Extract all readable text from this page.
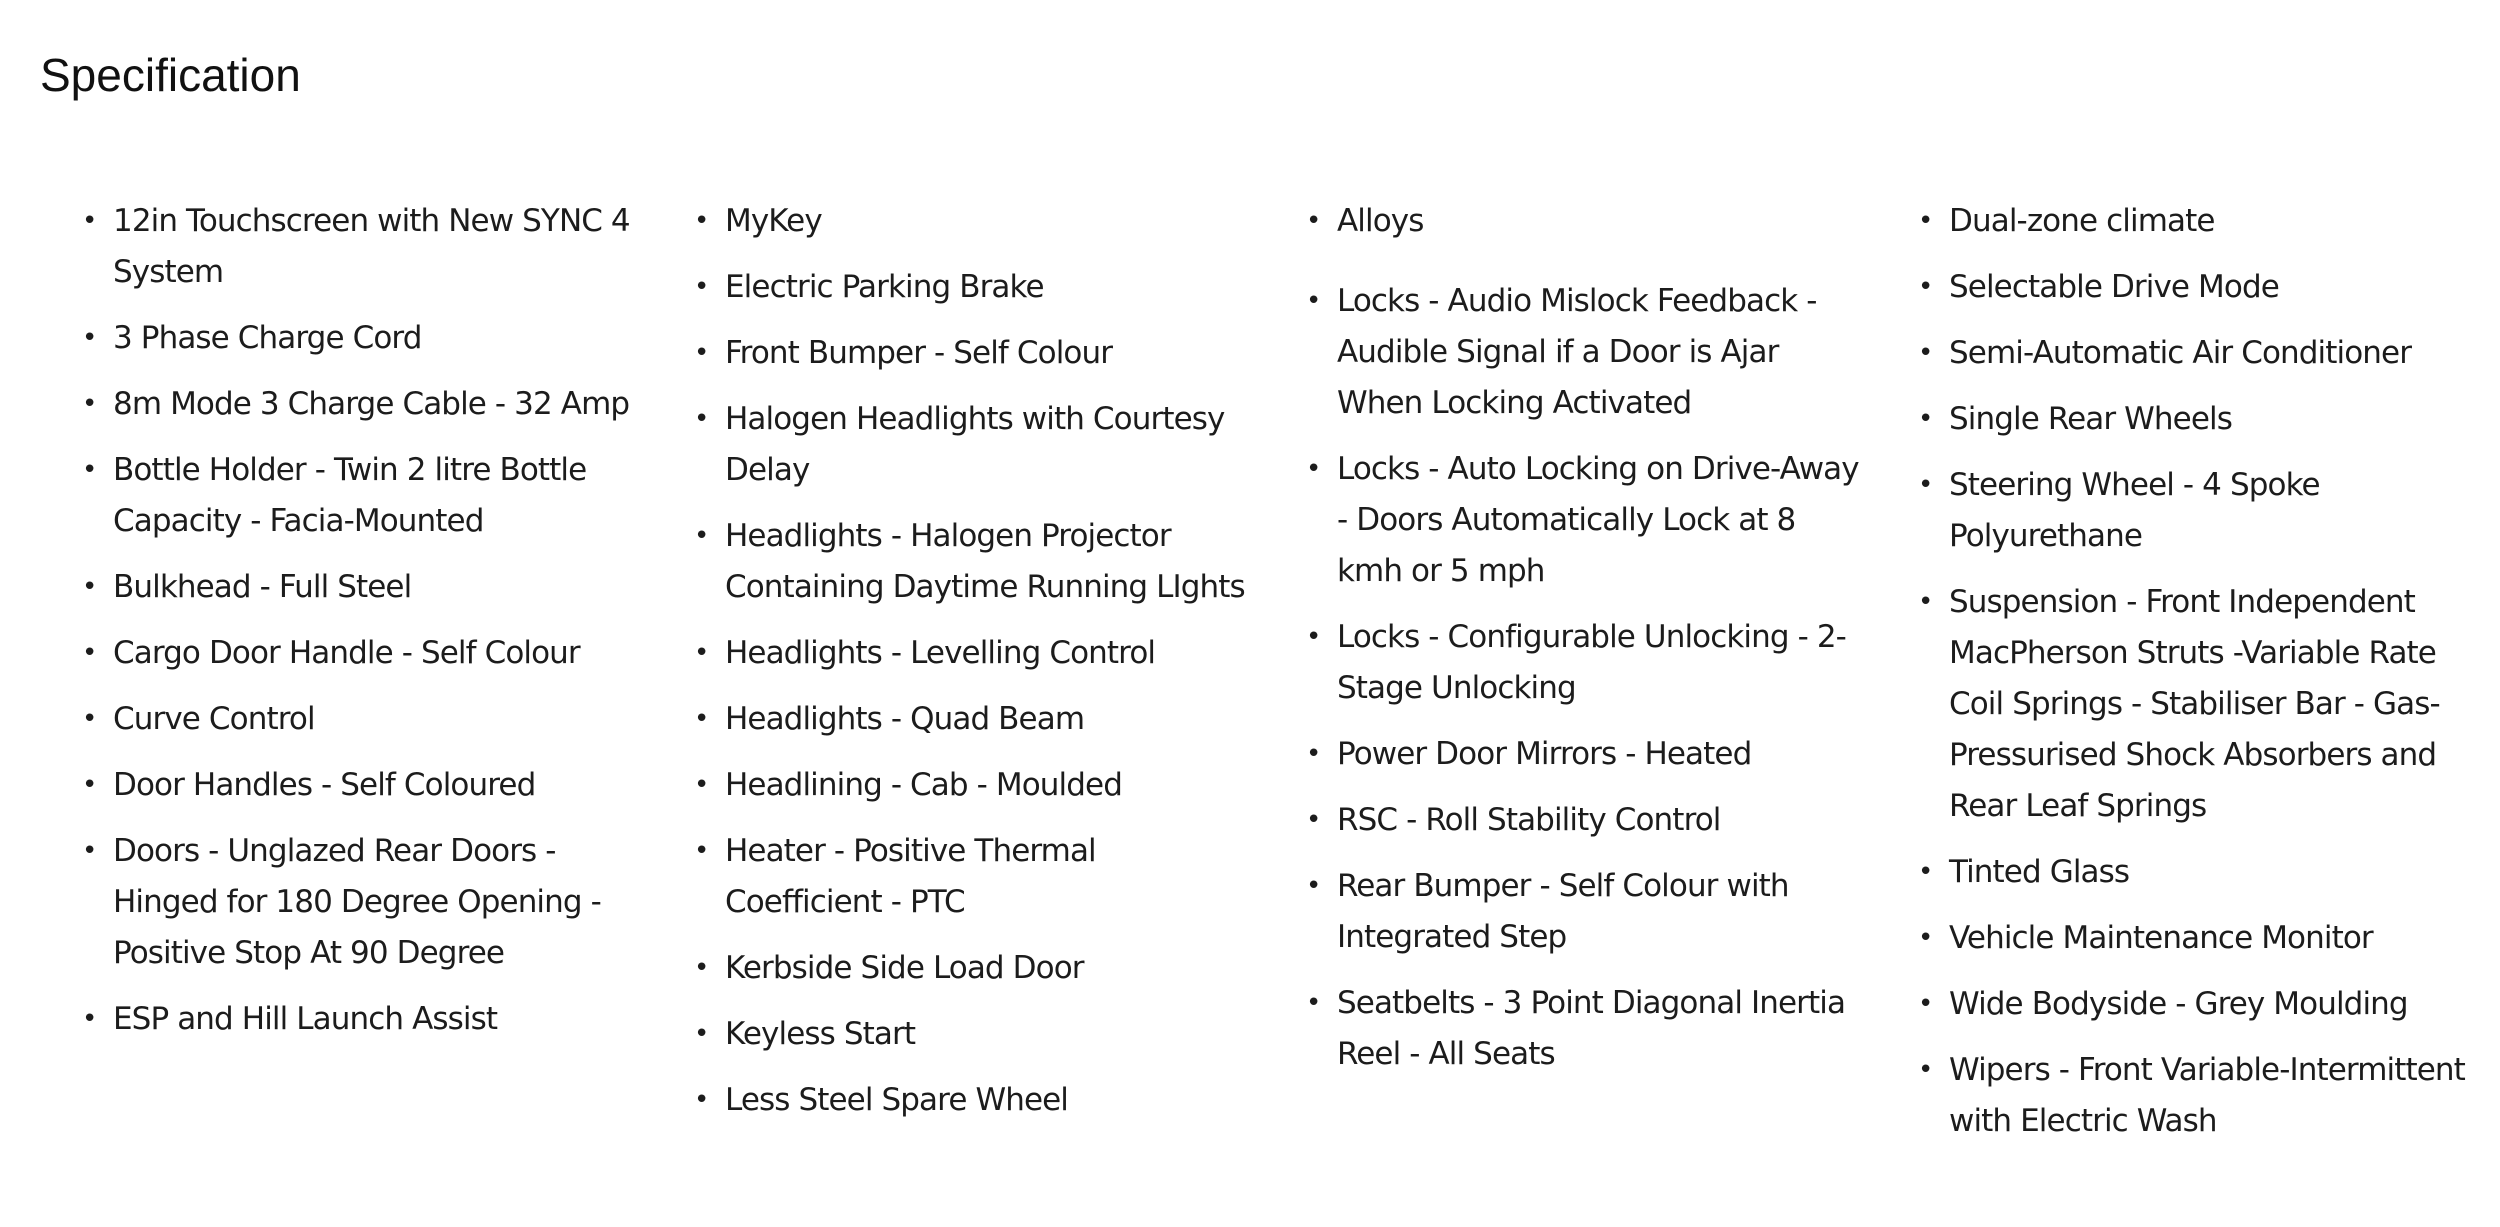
Specification
• 12in Touchscreen with New SYNC 4 System
• 3 Phase Charge Cord
• 8m Mode 3 Charge Cable - 32 Amp
• Bottle Holder - Twin 2 litre Bottle Capacity - Facia-Mounted
• Bulkhead - Full Steel
• Cargo Door Handle - Self Colour
• Curve Control
• Door Handles - Self Coloured
• Doors - Unglazed Rear Doors - Hinged for 180 Degree Opening - Positive Stop At 90 Degree
• ESP and Hill Launch Assist
• MyKey
• Electric Parking Brake
• Front Bumper - Self Colour
• Halogen Headlights with Courtesy Delay
• Headlights - Halogen Projector Containing Daytime Running LIghts
• Headlights - Levelling Control
• Headlights - Quad Beam
• Headlining - Cab - Moulded
• Heater - Positive Thermal Coefficient - PTC
• Kerbside Side Load Door
• Keyless Start
• Less Steel Spare Wheel
• Alloys
• Locks - Audio Mislock Feedback - Audible Signal if a Door is Ajar When Locking Activated
• Locks - Auto Locking on Drive-Away - Doors Automatically Lock at 8 kmh or 5 mph
• Locks - Configurable Unlocking - 2-Stage Unlocking
• Power Door Mirrors - Heated
• RSC - Roll Stability Control
• Rear Bumper - Self Colour with Integrated Step
• Seatbelts - 3 Point Diagonal Inertia Reel - All Seats
• Dual-zone climate
• Selectable Drive Mode
• Semi-Automatic Air Conditioner
• Single Rear Wheels
• Steering Wheel - 4 Spoke Polyurethane
• Suspension - Front Independent MacPherson Struts -Variable Rate Coil Springs - Stabiliser Bar - Gas-Pressurised Shock Absorbers and Rear Leaf Springs
• Tinted Glass
• Vehicle Maintenance Monitor
• Wide Bodyside - Grey Moulding
• Wipers - Front Variable-Intermittent with Electric Wash
